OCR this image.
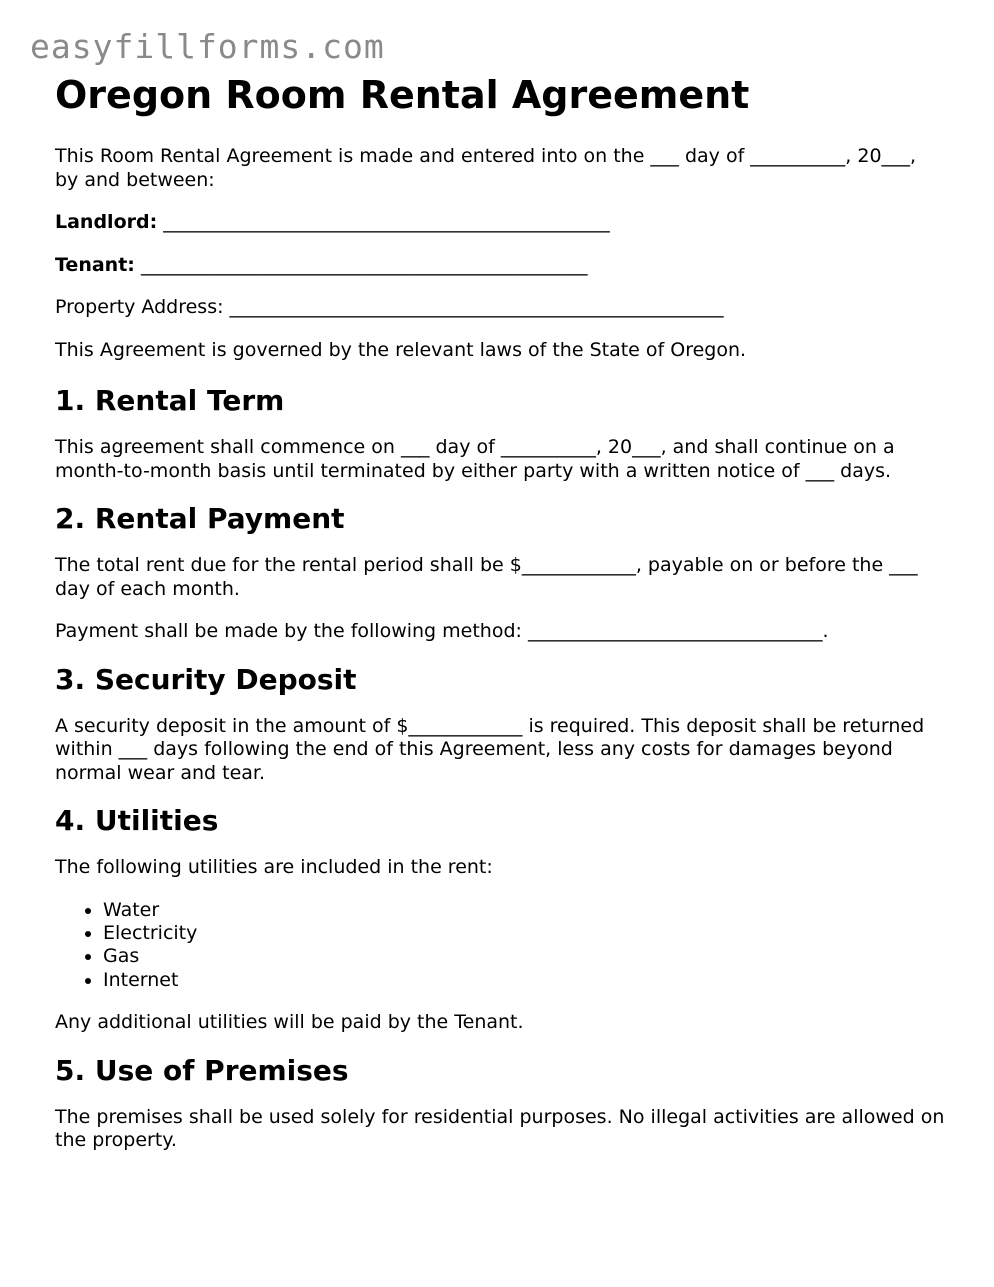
easyfillforms.com
Oregon Room Rental Agreement

This Room Rental Agreement is made and entered into on the ___ day of __________, 20___, by and between:

Landlord: _______________________________________________

Tenant: _______________________________________________

Property Address: ____________________________________________________

This Agreement is governed by the relevant laws of the State of Oregon.

1. Rental Term

This agreement shall commence on ___ day of __________, 20___, and shall continue on a month-to-month basis until terminated by either party with a written notice of ___ days.

2. Rental Payment

The total rent due for the rental period shall be $____________, payable on or before the ___ day of each month.

Payment shall be made by the following method: _______________________________.

3. Security Deposit

A security deposit in the amount of $____________ is required. This deposit shall be returned within ___ days following the end of this Agreement, less any costs for damages beyond normal wear and tear.

4. Utilities

The following utilities are included in the rent:

• Water
• Electricity
• Gas
• Internet

Any additional utilities will be paid by the Tenant.

5. Use of Premises

The premises shall be used solely for residential purposes. No illegal activities are allowed on the property.
